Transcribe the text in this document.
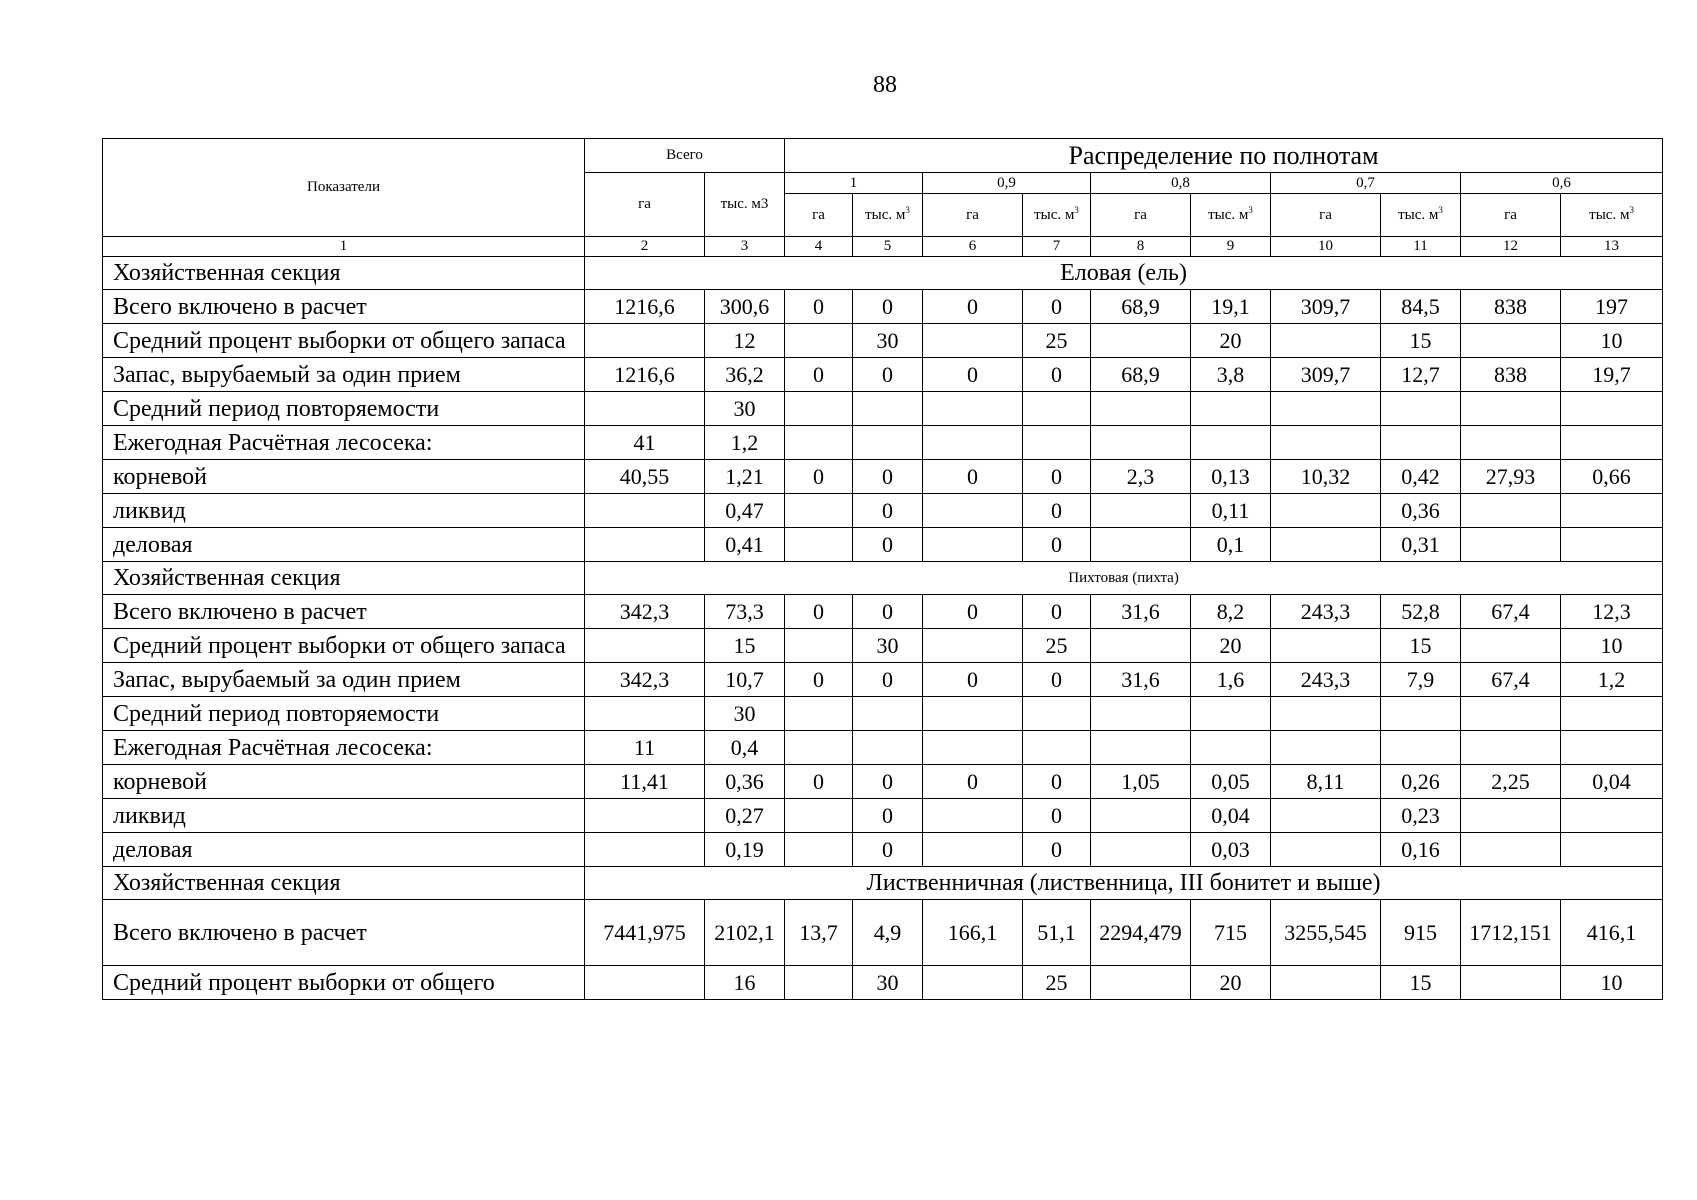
88
Показатели	Всего		Распределение по полнотам									
	га	тыс. м3	1		0,9		0,8		0,7		0,6	
			га	тыс. $м^3$	га	тыс. $м^3$	га	тыс. $м^3$	га	тыс. $м^3$	га	тыс. $м^3$
1	2	3	4	5	6	7	8	9	10	11	12	13
Хозяйственная секция	Еловая (ель)											
Всего включено в расчет	1216,6	300,6	0	0	0	0	68,9	19,1	309,7	84,5	838	197
Средний процент выборки от общего запаса		12		30		25		20		15		10
Запас, вырубаемый за один прием	1216,6	36,2	0	0	0	0	68,9	3,8	309,7	12,7	838	19,7
Средний период повторяемости		30										
Ежегодная Расчётная лесосека:	41	1,2										
корневой	40,55	1,21	0	0	0	0	2,3	0,13	10,32	0,42	27,93	0,66
ликвид		0,47		0		0		0,11		0,36		
деловая		0,41		0		0		0,1		0,31		
Хозяйственная секция	Пихтовая (пихта)											
Всего включено в расчет	342,3	73,3	0	0	0	0	31,6	8,2	243,3	52,8	67,4	12,3
Средний процент выборки от общего запаса		15		30		25		20		15		10
Запас, вырубаемый за один прием	342,3	10,7	0	0	0	0	31,6	1,6	243,3	7,9	67,4	1,2
Средний период повторяемости		30										
Ежегодная Расчётная лесосека:	11	0,4										
корневой	11,41	0,36	0	0	0	0	1,05	0,05	8,11	0,26	2,25	0,04
ликвид		0,27		0		0		0,04		0,23		
деловая		0,19		0		0		0,03		0,16		
Хозяйственная секция	Лиственничная (лиственница, III бонитет и выше)											
Всего включено в расчет	7441,975	2102,1	13,7	4,9	166,1	51,1	2294,479	715	3255,545	915	1712,151	416,1
Средний процент выборки от общего		16		30		25		20		15		10
